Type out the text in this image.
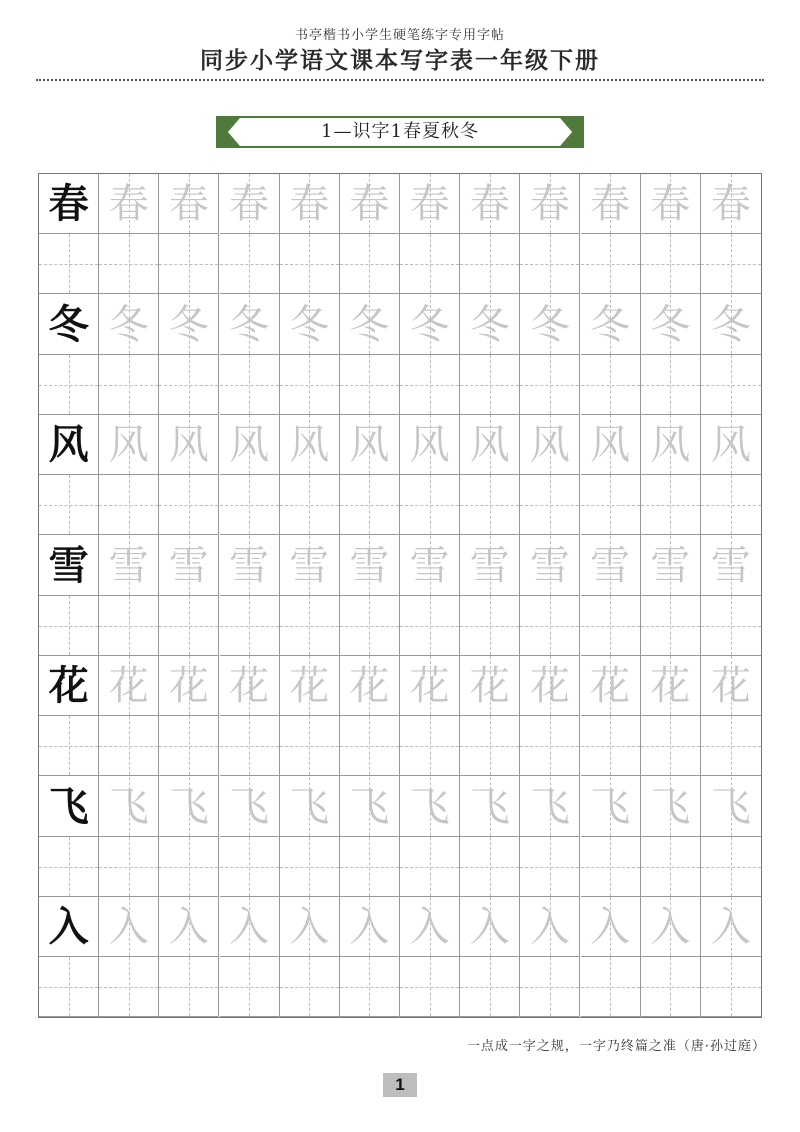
书亭楷书小学生硬笔练字专用字帖
同步小学语文课本写字表一年级下册
1—识字1春夏秋冬
春 春 春 春 春 春 春 春 春 春 春 春
冬 冬 冬 冬 冬 冬 冬 冬 冬 冬 冬 冬
风 风 风 风 风 风 风 风 风 风 风 风
雪 雪 雪 雪 雪 雪 雪 雪 雪 雪 雪 雪
花 花 花 花 花 花 花 花 花 花 花 花
飞 飞 飞 飞 飞 飞 飞 飞 飞 飞 飞 飞
入 入 入 入 入 入 入 入 入 入 入 入
一点成一字之规，一字乃终篇之准（唐·孙过庭）
1
